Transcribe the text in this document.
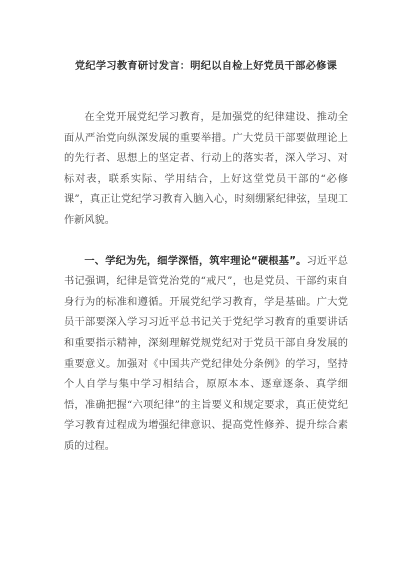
党纪学习教育研讨发言：明纪以自检上好党员干部必修课

在全党开展党纪学习教育，是加强党的纪律建设、推动全面从严治党向纵深发展的重要举措。广大党员干部要做理论上的先行者、思想上的坚定者、行动上的落实者，深入学习、对标对表，联系实际、学用结合，上好这堂党员干部的“必修课”，真正让党纪学习教育入脑入心，时刻绷紧纪律弦，呈现工作新风貌。

一、学纪为先，细学深悟，筑牢理论“硬根基”。习近平总书记强调，纪律是管党治党的“戒尺”，也是党员、干部约束自身行为的标准和遵循。开展党纪学习教育，学是基础。广大党员干部要深入学习习近平总书记关于党纪学习教育的重要讲话和重要指示精神，深刻理解党规党纪对于党员干部自身发展的重要意义。加强对《中国共产党纪律处分条例》的学习，坚持个人自学与集中学习相结合，原原本本、逐章逐条、真学细悟，准确把握“六项纪律”的主旨要义和规定要求，真正使党纪学习教育过程成为增强纪律意识、提高党性修养、提升综合素质的过程。
